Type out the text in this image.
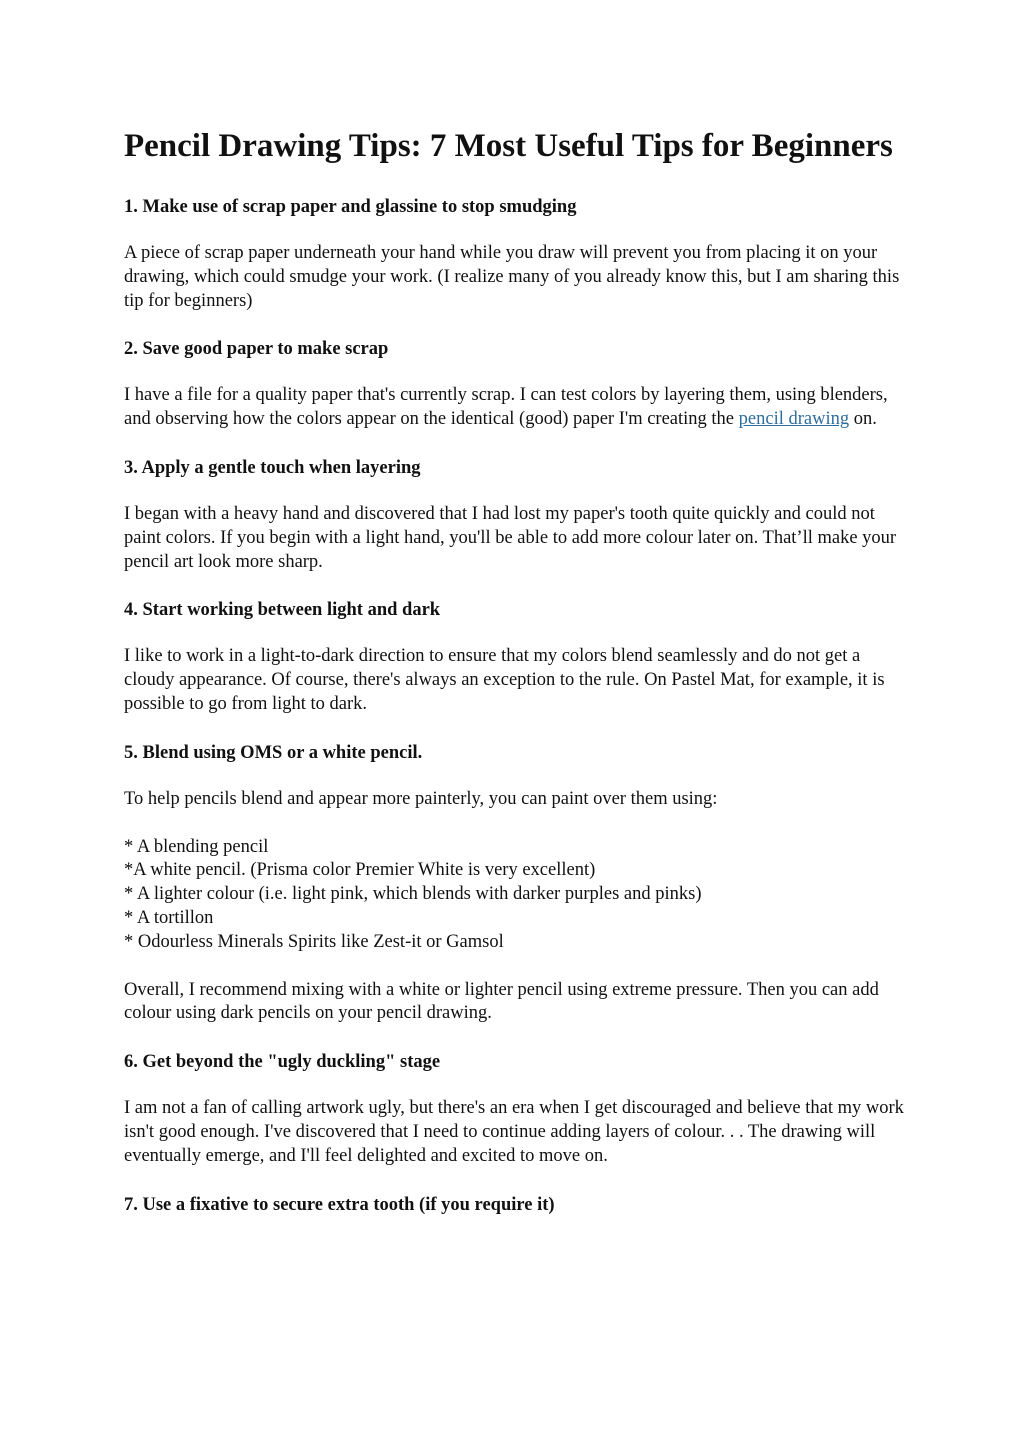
Pencil Drawing Tips: 7 Most Useful Tips for Beginners
1. Make use of scrap paper and glassine to stop smudging

A piece of scrap paper underneath your hand while you draw will prevent you from placing it on your drawing, which could smudge your work. (I realize many of you already know this, but I am sharing this tip for beginners)

2. Save good paper to make scrap

I have a file for a quality paper that's currently scrap. I can test colors by layering them, using blenders, and observing how the colors appear on the identical (good) paper I'm creating the pencil drawing on.

3. Apply a gentle touch when layering

I began with a heavy hand and discovered that I had lost my paper's tooth quite quickly and could not paint colors. If you begin with a light hand, you'll be able to add more colour later on. That’ll make your pencil art look more sharp.

4. Start working between light and dark

I like to work in a light-to-dark direction to ensure that my colors blend seamlessly and do not get a cloudy appearance. Of course, there's always an exception to the rule. On Pastel Mat, for example, it is possible to go from light to dark.

5. Blend using OMS or a white pencil.

To help pencils blend and appear more painterly, you can paint over them using:

* A blending pencil
*A white pencil. (Prisma color Premier White is very excellent)
* A lighter colour (i.e. light pink, which blends with darker purples and pinks)
* A tortillon
* Odourless Minerals Spirits like Zest-it or Gamsol

Overall, I recommend mixing with a white or lighter pencil using extreme pressure. Then you can add colour using dark pencils on your pencil drawing.

6. Get beyond the "ugly duckling" stage

I am not a fan of calling artwork ugly, but there's an era when I get discouraged and believe that my work isn't good enough. I've discovered that I need to continue adding layers of colour. . . The drawing will eventually emerge, and I'll feel delighted and excited to move on.

7. Use a fixative to secure extra tooth (if you require it)
